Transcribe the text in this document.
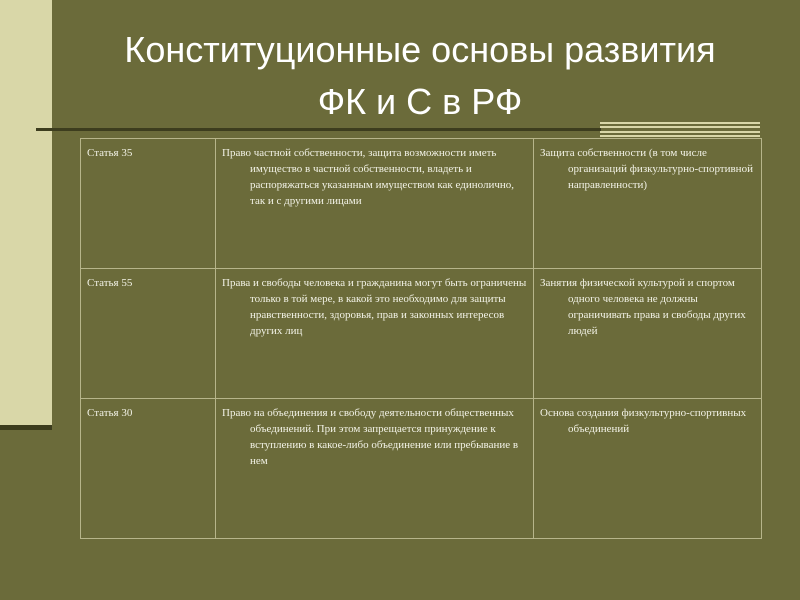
Конституционные основы развития
ФК и С в РФ
Статья 35	Право частной собственности, защита возможности иметь имущество в частной собственности, владеть и распоряжаться указанным имуществом как единолично, так и с другими лицами	Защита собственности (в том числе организаций физкультурно-спортивной направленности)

Статья 55	Права и свободы человека и гражданина могут быть ограничены только в той мере, в какой это необходимо для защиты нравственности, здоровья, прав и законных интересов других лиц	Занятия физической культурой и спортом одного человека не должны ограничивать права и свободы других людей

Статья 30	Право на объединения и свободу деятельности общественных объединений. При этом запрещается принуждение к вступлению в какое-либо объединение или пребывание в нем	Основа создания физкультурно-спортивных объединений
